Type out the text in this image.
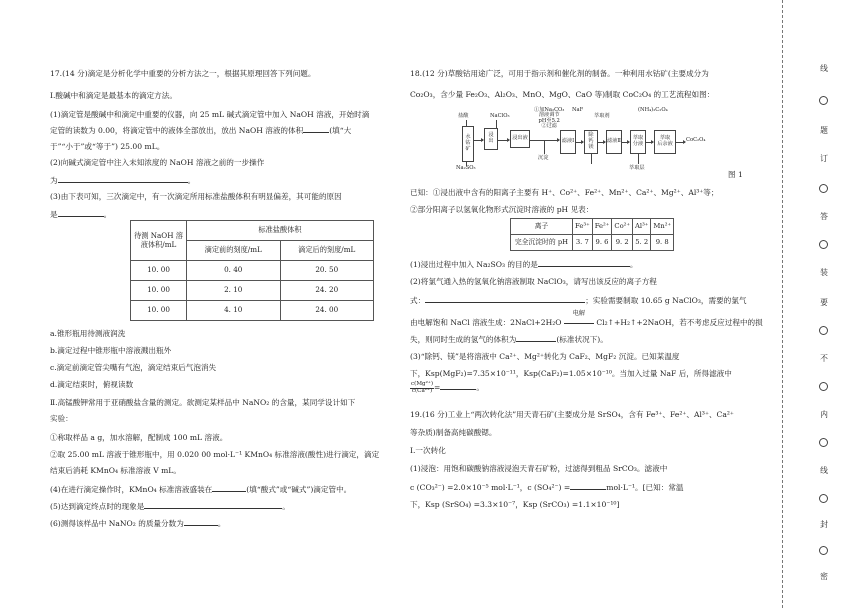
17.(14 分)滴定是分析化学中重要的分析方法之一，根据其原理回答下列问题。
Ⅰ.酸碱中和滴定是最基本的滴定方法。
(1)滴定管是酸碱中和滴定中重要的仪器，向 25 mL 碱式滴定管中加入 NaOH 溶液，开始时滴
定管的读数为 0.00，将滴定管中的液体全部放出，放出 NaOH 溶液的体积	(填“大
于”“小于”或“等于”) 25.00 mL。
(2)向碱式滴定管中注入未知浓度的 NaOH 溶液之前的一步操作
为	。
(3)由下表可知，三次滴定中，有一次滴定所用标准盐酸体积有明显偏差，其可能的原因
是	。
待测 NaOH 溶
液体积/mL	标准盐酸体积	
	滴定前的刻度/mL	滴定后的刻度/mL
10. 00	0. 40	20. 50
10. 00	2. 10	24. 20
10. 00	4. 10	24. 00
a.锥形瓶用待测液润洗
b.滴定过程中锥形瓶中溶液溅出瓶外
c.滴定前滴定管尖嘴有气泡，滴定结束后气泡消失
d.滴定结束时，俯视读数
Ⅱ.高锰酸钾常用于亚硝酸盐含量的测定。欲测定某样品中 NaNO₂ 的含量，某同学设计如下
实验：
①称取样品 a g，加水溶解，配制成 100 mL 溶液。
②取 25.00 mL 溶液于锥形瓶中，用 0.020 00 mol·L⁻¹ KMnO₄ 标准溶液(酸性)进行滴定，滴定
结束后消耗 KMnO₄ 标准溶液 V mL。
(4)在进行滴定操作时，KMnO₄ 标准溶液盛装在	(填“酸式”或“碱式”)滴定管中。
(5)达到滴定终点时的现象是	。
(6)测得该样品中 NaNO₂ 的质量分数为	。
18.(12 分)草酸钴用途广泛，可用于指示剂和催化剂的制备。一种利用水钴矿(主要成分为
Co₂O₃，含少量 Fe₂O₃、Al₂O₃、MnO、MgO、CaO 等)制取 CoC₂O₄ 的工艺流程如图：
图 1
已知：①浸出液中含有的阳离子主要有 H⁺、Co²⁺、Fe²⁺、Mn²⁺、Ca²⁺、Mg²⁺、Al³⁺等；
②部分阳离子以氢氧化物形式沉淀时溶液的 pH 见表：
离子	Fe³⁺	Fe²⁺	Co²⁺	Al³⁺	Mn²⁺
完全沉淀时的 pH	3. 7	9. 6	9. 2	5. 2	9. 8
(1)浸出过程中加入 Na₂SO₃ 的目的是	。
(2)将氯气通入热的氢氧化钠溶液制取 NaClO₃，请写出该反应的离子方程
式：	；实验需要制取 10.65 g NaClO₃，需要的氯气
由电解饱和 NaCl 溶液生成：2NaCl+2H₂O
电解
Cl₂↑+H₂↑+2NaOH，若不考虑反应过程中的损
失，则同时生成的氢气的体积为	(标准状况下)。
(3)“除钙、镁”是将溶液中 Ca²⁺、Mg²⁺转化为 CaF₂、MgF₂ 沉淀。已知某温度
下，Ksp(MgF₂)=7.35×10⁻¹¹，Ksp(CaF₂)=1.05×10⁻¹⁰。当加入过量 NaF 后，所得滤液中
$\frac{\text{c(Mg²⁺)}}{\text{c(Ca²⁺)}}$ =	。
19.(16 分)工业上“两次转化法”用天青石矿(主要成分是 SrSO₄，含有 Fe³⁺、Fe²⁺、Al³⁺、Ca²⁺
等杂质)制备高纯碳酸锶。
Ⅰ.一次转化
(1)浸泡：用饱和碳酸钠溶液浸泡天青石矿粉，过滤得到粗品 SrCO₃。滤液中
c (CO₃²⁻) =2.0×10⁻⁵ mol·L⁻¹，c (SO₄²⁻) =	mol·L⁻¹。[已知：常温
下，Ksp (SrSO₄) =3.3×10⁻⁷，Ksp (SrCO₃) =1.1×10⁻¹⁰]
盐酸	NaClO₃
①加Na₂CO₃
溶液调节
pH至5.2
②过滤
NaF
萃取剂
(NH₄)₂C₂O₄
Na₂SO₃
水
钴
矿
浸
出	浸出液	滤液Ⅰ
除
钙
镁
滤液Ⅱ 萃取
分液
萃取
后余液
CoC₂O₄
沉淀
萃取层
线
题
订
答
装
要
不
内
线
封
密
